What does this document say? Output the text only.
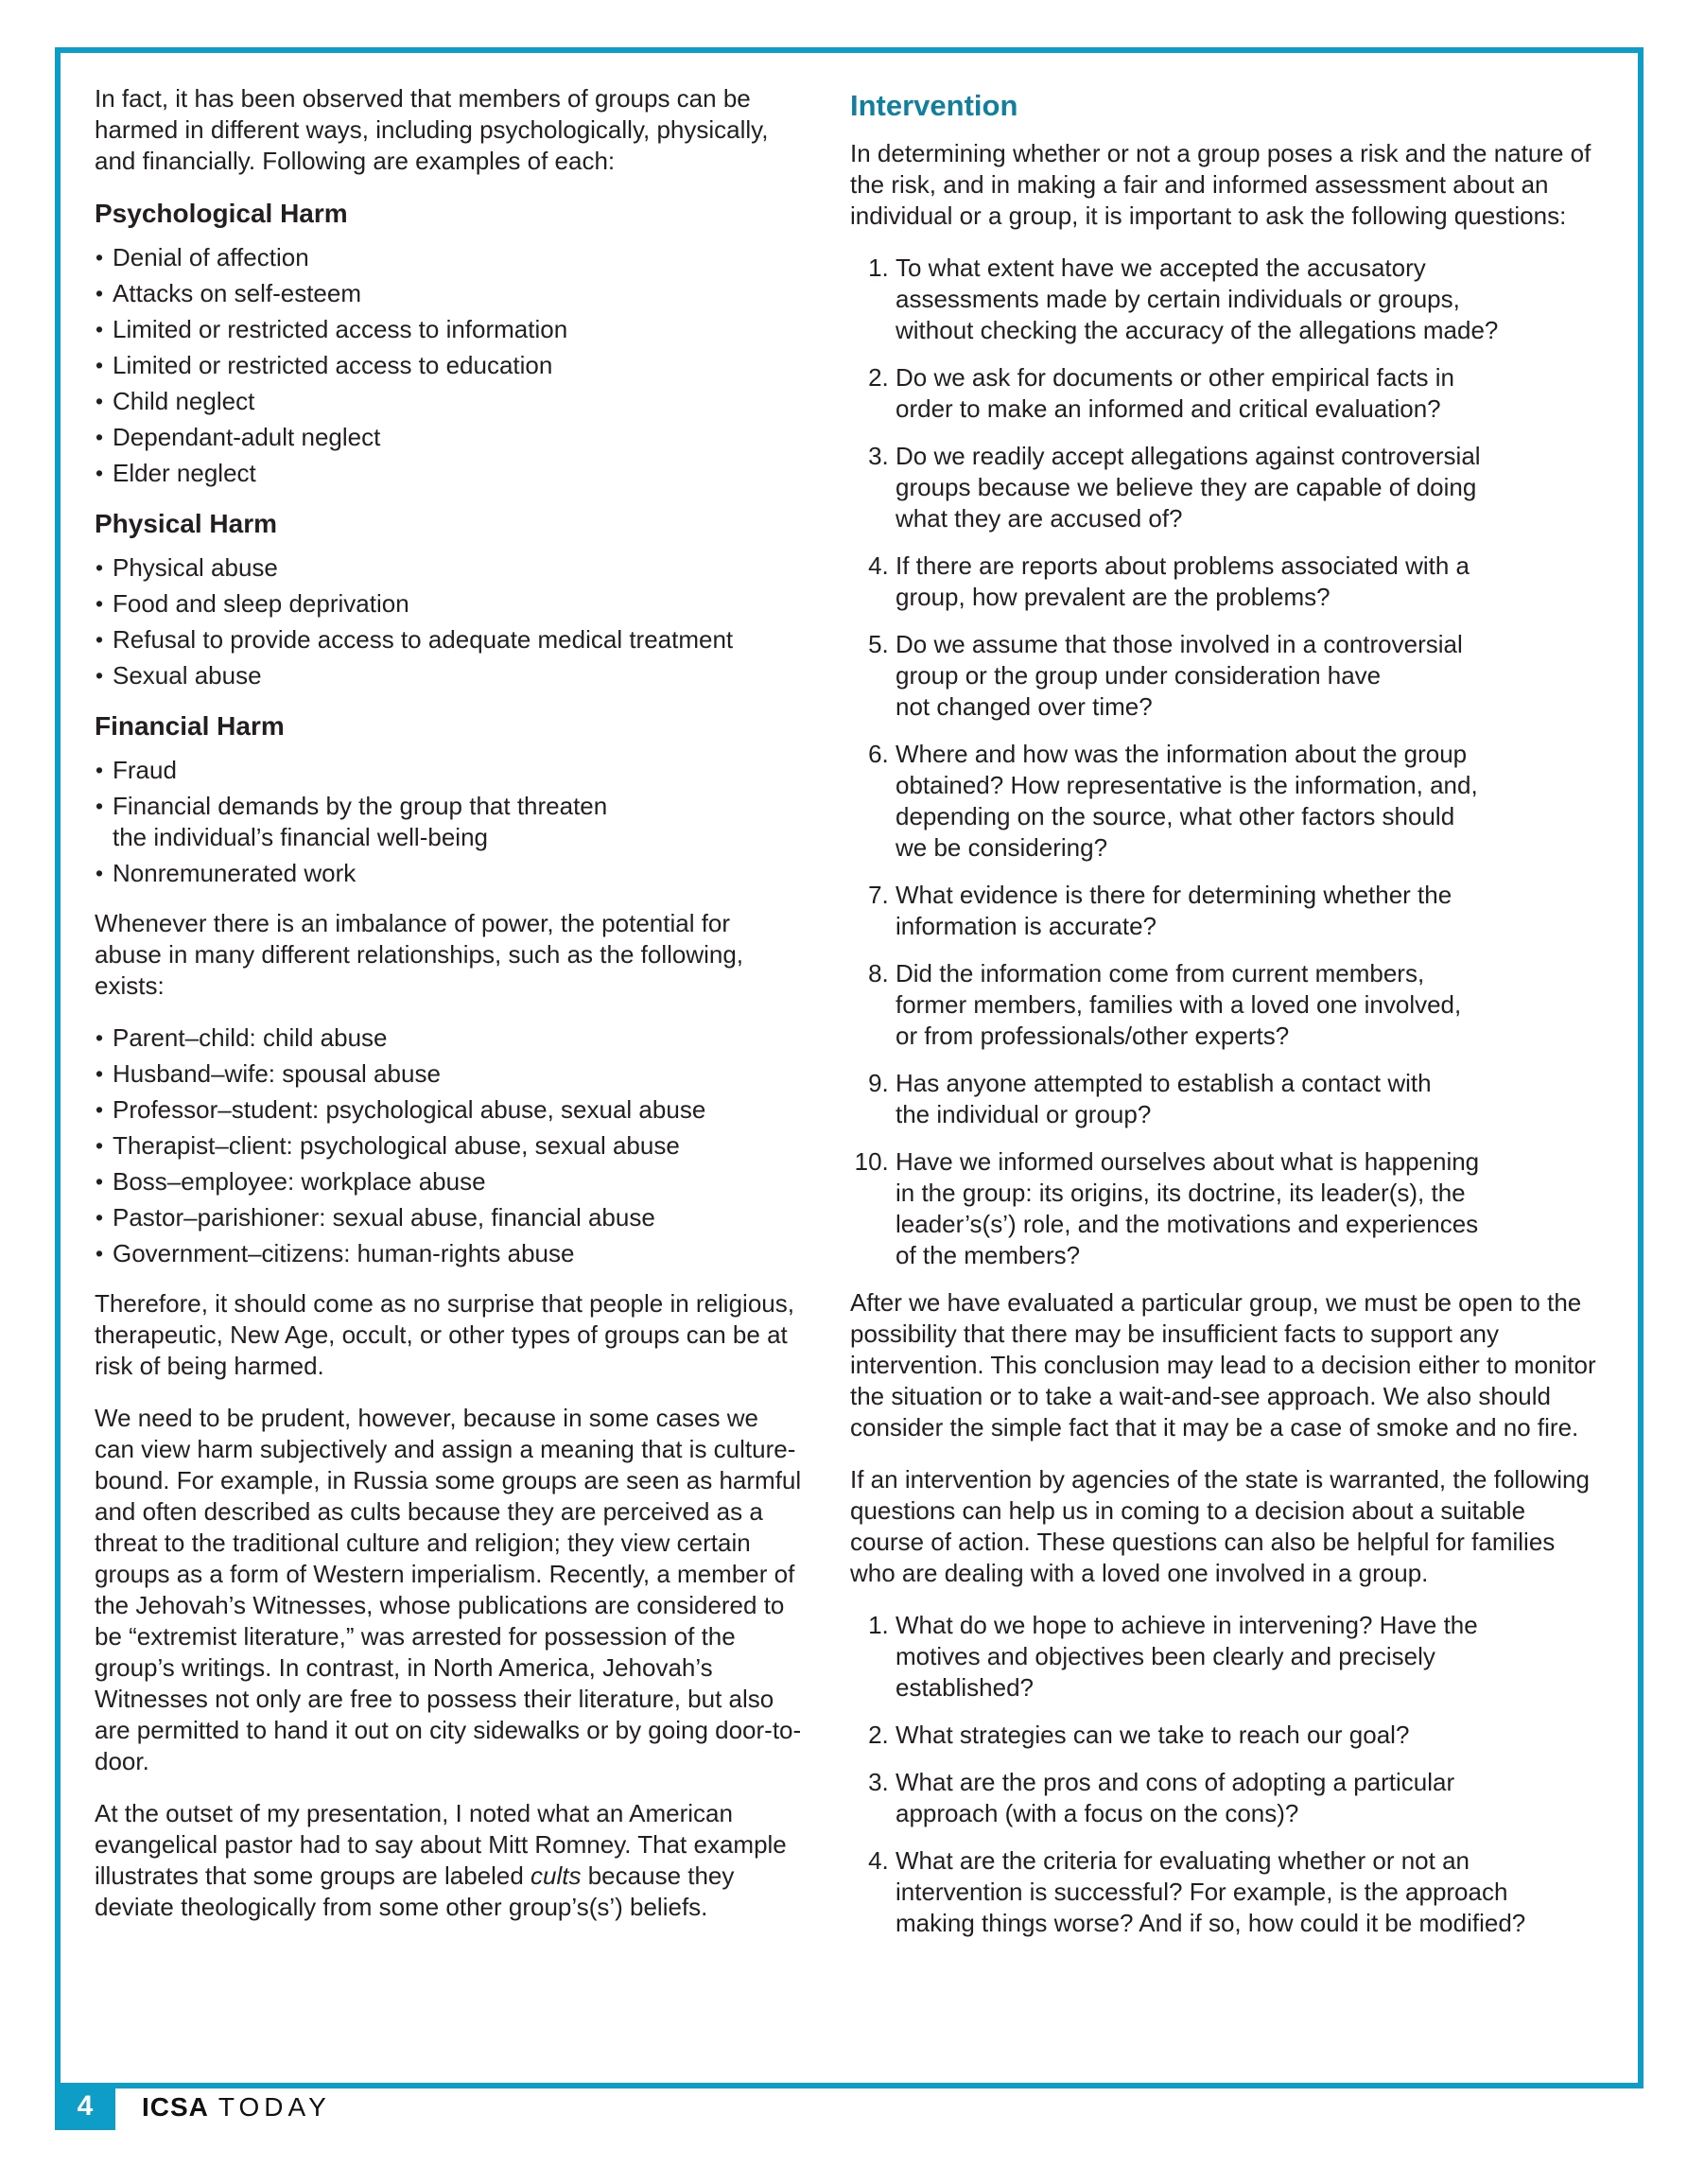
In fact, it has been observed that members of groups can be harmed in different ways, including psychologically, physically, and financially. Following are examples of each:

Psychological Harm
• Denial of affection
• Attacks on self-esteem
• Limited or restricted access to information
• Limited or restricted access to education
• Child neglect
• Dependant-adult neglect
• Elder neglect
Physical Harm
• Physical abuse
• Food and sleep deprivation
• Refusal to provide access to adequate medical treatment
• Sexual abuse
Financial Harm
• Fraud
• Financial demands by the group that threaten
the individual’s financial well-being
• Nonremunerated work

Whenever there is an imbalance of power, the potential for abuse in many different relationships, such as the following, exists:

• Parent–child: child abuse
• Husband–wife: spousal abuse
• Professor–student: psychological abuse, sexual abuse
• Therapist–client: psychological abuse, sexual abuse
• Boss–employee: workplace abuse
• Pastor–parishioner: sexual abuse, financial abuse
• Government–citizens: human-rights abuse

Therefore, it should come as no surprise that people in religious, therapeutic, New Age, occult, or other types of groups can be at risk of being harmed.

We need to be prudent, however, because in some cases we can view harm subjectively and assign a meaning that is culture-bound. For example, in Russia some groups are seen as harmful and often described as cults because they are perceived as a threat to the traditional culture and religion; they view certain groups as a form of Western imperialism. Recently, a member of the Jehovah’s Witnesses, whose publications are considered to be “extremist literature,” was arrested for possession of the group’s writings. In contrast, in North America, Jehovah’s Witnesses not only are free to possess their literature, but also are permitted to hand it out on city sidewalks or by going door-to-door.

At the outset of my presentation, I noted what an American evangelical pastor had to say about Mitt Romney. That example illustrates that some groups are labeled cults because they deviate theologically from some other group’s(s’) beliefs.

Intervention

In determining whether or not a group poses a risk and the nature of the risk, and in making a fair and informed assessment about an individual or a group, it is important to ask the following questions:

1. To what extent have we accepted the accusatory
assessments made by certain individuals or groups,
without checking the accuracy of the allegations made?
2. Do we ask for documents or other empirical facts in
order to make an informed and critical evaluation?
3. Do we readily accept allegations against controversial
groups because we believe they are capable of doing
what they are accused of?
4. If there are reports about problems associated with a
group, how prevalent are the problems?
5. Do we assume that those involved in a controversial
group or the group under consideration have
not changed over time?
6. Where and how was the information about the group
obtained? How representative is the information, and,
depending on the source, what other factors should
we be considering?
7. What evidence is there for determining whether the
information is accurate?
8. Did the information come from current members,
former members, families with a loved one involved,
or from professionals/other experts?
9. Has anyone attempted to establish a contact with
the individual or group?
10. Have we informed ourselves about what is happening
in the group: its origins, its doctrine, its leader(s), the
leader’s(s’) role, and the motivations and experiences
of the members?

After we have evaluated a particular group, we must be open to the possibility that there may be insufficient facts to support any intervention. This conclusion may lead to a decision either to monitor the situation or to take a wait-and-see approach. We also should consider the simple fact that it may be a case of smoke and no fire.

If an intervention by agencies of the state is warranted, the following questions can help us in coming to a decision about a suitable course of action. These questions can also be helpful for families who are dealing with a loved one involved in a group.

1. What do we hope to achieve in intervening? Have the
motives and objectives been clearly and precisely
established?
2. What strategies can we take to reach our goal?
3. What are the pros and cons of adopting a particular
approach (with a focus on the cons)?
4. What are the criteria for evaluating whether or not an
intervention is successful? For example, is the approach
making things worse? And if so, how could it be modified?
4 ICSA TODAY
